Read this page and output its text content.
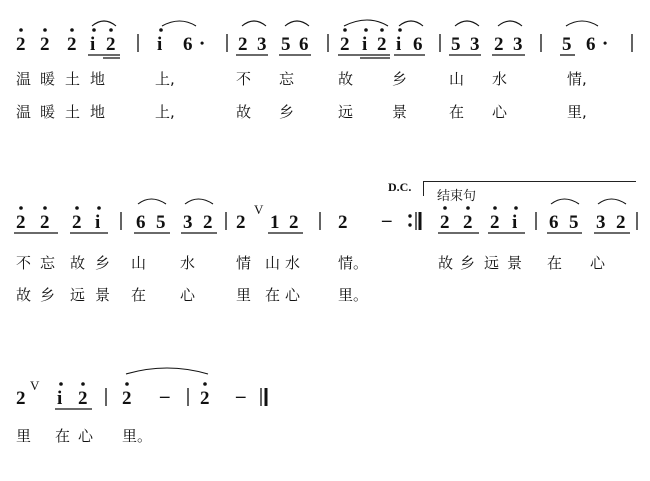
2 2 2 i 2 i 6 • 2 3 5 6 2 i 2 i 6 5 3 2 3 5 6 •
温 暖 土 地	上,	不 忘	故	乡	山 水	情,
温 暖 土 地	上,	故 乡	远	景	在 心	里,
D.C.
结束句
2 2 2 i 6 5 3 2 2 1 2 2	2 2 2 i 6 5 3 2
V
–
不 忘 故 乡 山 水	情 山 水	情。	故 乡 远 景 在 心
故 乡 远 景 在 心	里 在 心	里。
2
V
i 2 2 – 2 –
里 在 心 里。
